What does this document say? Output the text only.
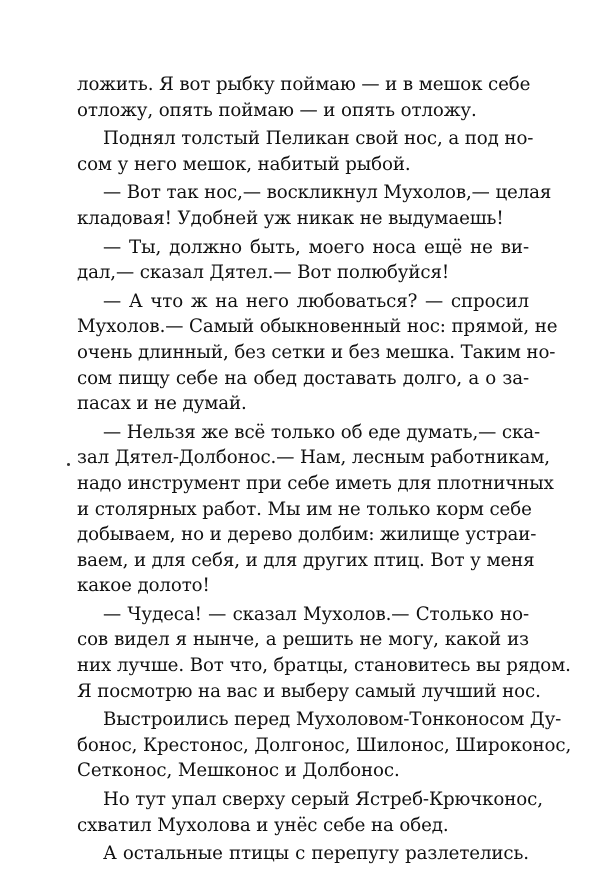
ложить. Я вот рыбку поймаю — и в мешок себе
отложу, опять поймаю — и опять отложу.
Поднял толстый Пеликан свой нос, а под но-
сом у него мешок, набитый рыбой.
— Вот так нос,— воскликнул Мухолов,— целая
кладовая! Удобней уж никак не выдумаешь!
— Ты, должно быть, моего носа ещё не ви-
дал,— сказал Дятел.— Вот полюбуйся!
— А что ж на него любоваться? — спросил
Мухолов.— Самый обыкновенный нос: прямой, не
очень длинный, без сетки и без мешка. Таким но-
сом пищу себе на обед доставать долго, а о за-
пасах и не думай.
— Нельзя же всё только об еде думать,— ска-
зал Дятел-Долбонос.— Нам, лесным работникам,
надо инструмент при себе иметь для плотничных
и столярных работ. Мы им не только корм себе
добываем, но и дерево долбим: жилище устраи-
ваем, и для себя, и для других птиц. Вот у меня
какое долото!
— Чудеса! — сказал Мухолов.— Столько но-
сов видел я нынче, а решить не могу, какой из
них лучше. Вот что, братцы, становитесь вы рядом.
Я посмотрю на вас и выберу самый лучший нос.
Выстроились перед Мухоловом-Тонконосом Ду-
бонос, Крестонос, Долгонос, Шилонос, Широконос,
Сетконос, Мешконос и Долбонос.
Но тут упал сверху серый Ястреб-Крючконос,
схватил Мухолова и унёс себе на обед.
А остальные птицы с перепугу разлетелись.
